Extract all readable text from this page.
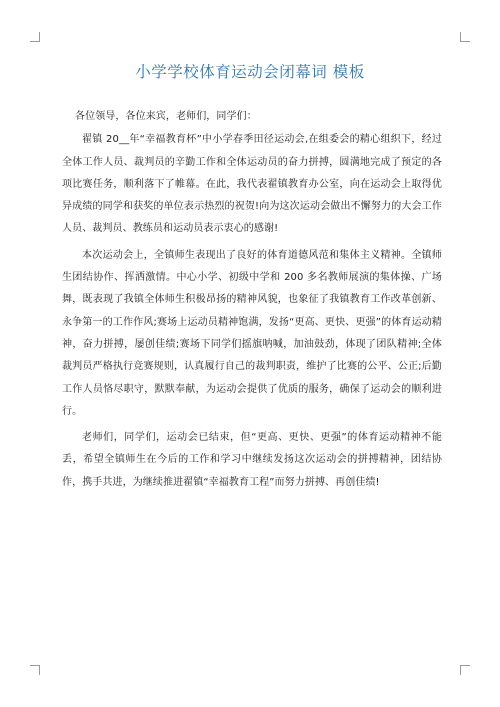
小学学校体育运动会闭幕词 模板

各位领导，各位来宾，老师们，同学们：

翟镇 20__年“幸福教育杯”中小学春季田径运动会,在组委会的精心组织下，经过全体工作人员、裁判员的辛勤工作和全体运动员的奋力拼搏，圆满地完成了预定的各项比赛任务，顺利落下了帷幕。在此，我代表翟镇教育办公室，向在运动会上取得优异成绩的同学和获奖的单位表示热烈的祝贺!向为这次运动会做出不懈努力的大会工作人员、裁判员、教练员和运动员表示衷心的感谢!

本次运动会上，全镇师生表现出了良好的体育道德风范和集体主义精神。全镇师生团结协作、挥洒激情。中心小学、初级中学和 200 多名教师展演的集体操、广场舞，既表现了我镇全体师生积极昂扬的精神风貌，也象征了我镇教育工作改革创新、永争第一的工作作风;赛场上运动员精神饱满，发扬“更高、更快、更强”的体育运动精神，奋力拼搏，屡创佳绩;赛场下同学们摇旗呐喊，加油鼓劲，体现了团队精神;全体裁判员严格执行竞赛规则，认真履行自己的裁判职责，维护了比赛的公平、公正;后勤工作人员恪尽职守，默默奉献，为运动会提供了优质的服务，确保了运动会的顺利进行。

老师们，同学们，运动会已结束，但“更高、更快、更强”的体育运动精神不能丢，希望全镇师生在今后的工作和学习中继续发扬这次运动会的拼搏精神，团结协作，携手共进，为继续推进翟镇“幸福教育工程”而努力拼搏、再创佳绩!
